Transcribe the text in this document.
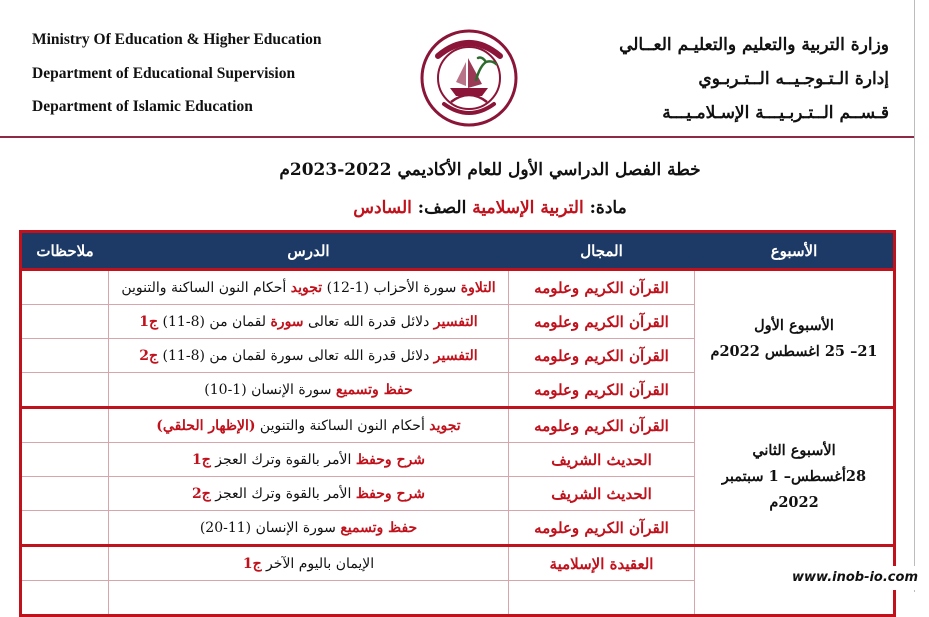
Ministry Of Education & Higher Education
Department of Educational Supervision
Department of Islamic Education
وزارة التربية والتعليم والتعليـم العــالي
إدارة الـتـوجـيــه الــتـربـوي
قـســم الــتـربـيـــة الإسـلامـيـــة
خطة الفصل الدراسي الأول للعام الأكاديمي 2022-2023م
مادة: التربية الإسلامية الصف: السادس
الأسبوع	المجال	الدرس	ملاحظات

الأسبوع الأول
21– 25 اغسطس 2022م	القرآن الكريم وعلومه	التلاوة سورة الأحزاب (1-12) تجويد أحكام النون الساكنة والتنوين	
	القرآن الكريم وعلومه	التفسير دلائل قدرة الله تعالى سورة لقمان من (8-11) ج1	
	القرآن الكريم وعلومه	التفسير دلائل قدرة الله تعالى سورة لقمان من (8-11) ج2	
	القرآن الكريم وعلومه	حفظ وتسميع سورة الإنسان (1-10)	

الأسبوع الثاني
28أغسطس– 1 سبتمبر
2022م	القرآن الكريم وعلومه	تجويد أحكام النون الساكنة والتنوين (الإظهار الحلقي)	
	الحديث الشريف	شرح وحفظ الأمر بالقوة وترك العجز ج1	
	الحديث الشريف	شرح وحفظ الأمر بالقوة وترك العجز ج2	
	القرآن الكريم وعلومه	حفظ وتسميع سورة الإنسان (11-20)	

	العقيدة الإسلامية	الإيمان باليوم الآخر ج1	

www.inob-io.com
